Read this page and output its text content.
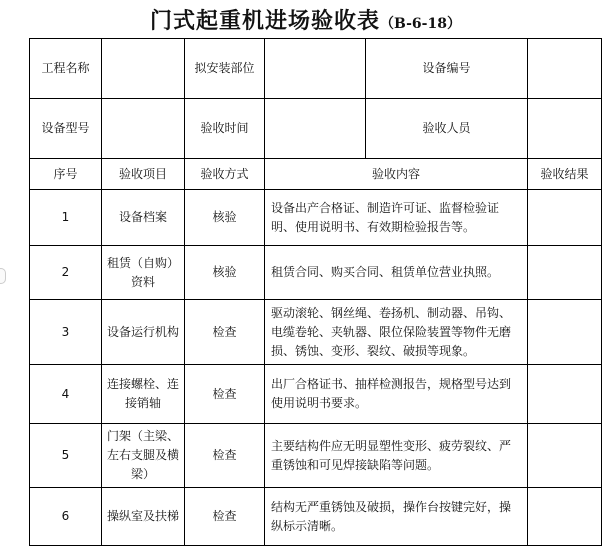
门式起重机进场验收表（B-6-18）
工程名称		拟安装部位		设备编号	
设备型号		验收时间		验收人员	
序号	验收项目	验收方式	验收内容		验收结果
1	设备档案	核验	设备出产合格证、制造许可证、监督检验证明、使用说明书、有效期检验报告等。		
2	租赁（自购）资料	核验	租赁合同、购买合同、租赁单位营业执照。		
3	设备运行机构	检查	驱动滚轮、钢丝绳、卷扬机、制动器、吊钩、电缆卷轮、夹轨器、限位保险装置等物件无磨损、锈蚀、变形、裂纹、破损等现象。		
4	连接螺栓、连接销轴	检查	出厂合格证书、抽样检测报告，规格型号达到使用说明书要求。		
5	门架（主梁、左右支腿及横梁）	检查	主要结构件应无明显塑性变形、疲劳裂纹、严重锈蚀和可见焊接缺陷等问题。		
6	操纵室及扶梯	检查	结构无严重锈蚀及破损，操作台按键完好，操纵标示清晰。		
